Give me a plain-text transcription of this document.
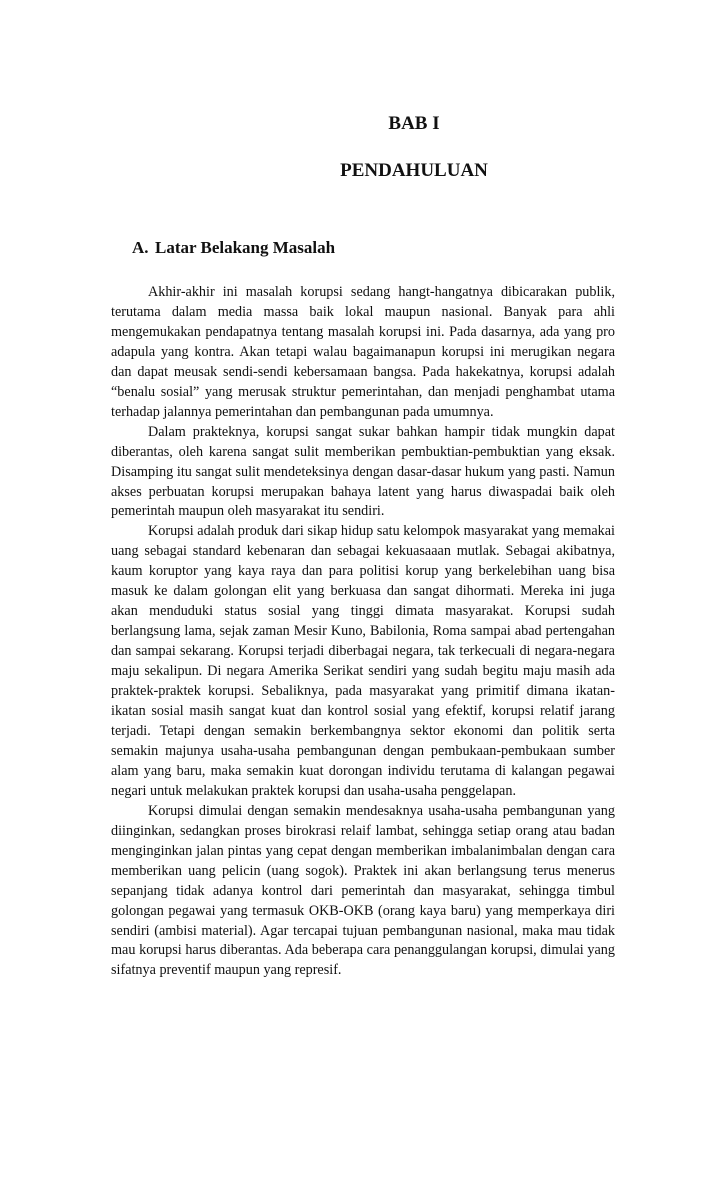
BAB I
PENDAHULUAN
A. Latar Belakang Masalah

Akhir-akhir ini masalah korupsi sedang hangt-hangatnya dibicarakan publik, terutama dalam media massa baik lokal maupun nasional. Banyak para ahli mengemukakan pendapatnya tentang masalah korupsi ini. Pada dasarnya, ada yang pro adapula yang kontra. Akan tetapi walau bagaimanapun korupsi ini merugikan negara dan dapat meusak sendi-sendi kebersamaan bangsa. Pada hakekatnya, korupsi adalah “benalu sosial” yang merusak struktur pemerintahan, dan menjadi penghambat utama terhadap jalannya pemerintahan dan pembangunan pada umumnya.

Dalam prakteknya, korupsi sangat sukar bahkan hampir tidak mungkin dapat diberantas, oleh karena sangat sulit memberikan pembuktian-pembuktian yang eksak. Disamping itu sangat sulit mendeteksinya dengan dasar-dasar hukum yang pasti. Namun akses perbuatan korupsi merupakan bahaya latent yang harus diwaspadai baik oleh pemerintah maupun oleh masyarakat itu sendiri.

Korupsi adalah produk dari sikap hidup satu kelompok masyarakat yang memakai uang sebagai standard kebenaran dan sebagai kekuasaaan mutlak. Sebagai akibatnya, kaum koruptor yang kaya raya dan para politisi korup yang berkelebihan uang bisa masuk ke dalam golongan elit yang berkuasa dan sangat dihormati. Mereka ini juga akan menduduki status sosial yang tinggi dimata masyarakat. Korupsi sudah berlangsung lama, sejak zaman Mesir Kuno, Babilonia, Roma sampai abad pertengahan dan sampai sekarang. Korupsi terjadi diberbagai negara, tak terkecuali di negara-negara maju sekalipun. Di negara Amerika Serikat sendiri yang sudah begitu maju masih ada praktek-praktek korupsi. Sebaliknya, pada masyarakat yang primitif dimana ikatan-ikatan sosial masih sangat kuat dan kontrol sosial yang efektif, korupsi relatif jarang terjadi. Tetapi dengan semakin berkembangnya sektor ekonomi dan politik serta semakin majunya usaha-usaha pembangunan dengan pembukaan-pembukaan sumber alam yang baru, maka semakin kuat dorongan individu terutama di kalangan pegawai negari untuk melakukan praktek korupsi dan usaha-usaha penggelapan.

Korupsi dimulai dengan semakin mendesaknya usaha-usaha pembangunan yang diinginkan, sedangkan proses birokrasi relaif lambat, sehingga setiap orang atau badan menginginkan jalan pintas yang cepat dengan memberikan imbalanimbalan dengan cara memberikan uang pelicin (uang sogok). Praktek ini akan berlangsung terus menerus sepanjang tidak adanya kontrol dari pemerintah dan masyarakat, sehingga timbul golongan pegawai yang termasuk OKB-OKB (orang kaya baru) yang memperkaya diri sendiri (ambisi material). Agar tercapai tujuan pembangunan nasional, maka mau tidak mau korupsi harus diberantas. Ada beberapa cara penanggulangan korupsi, dimulai yang sifatnya preventif maupun yang represif.
